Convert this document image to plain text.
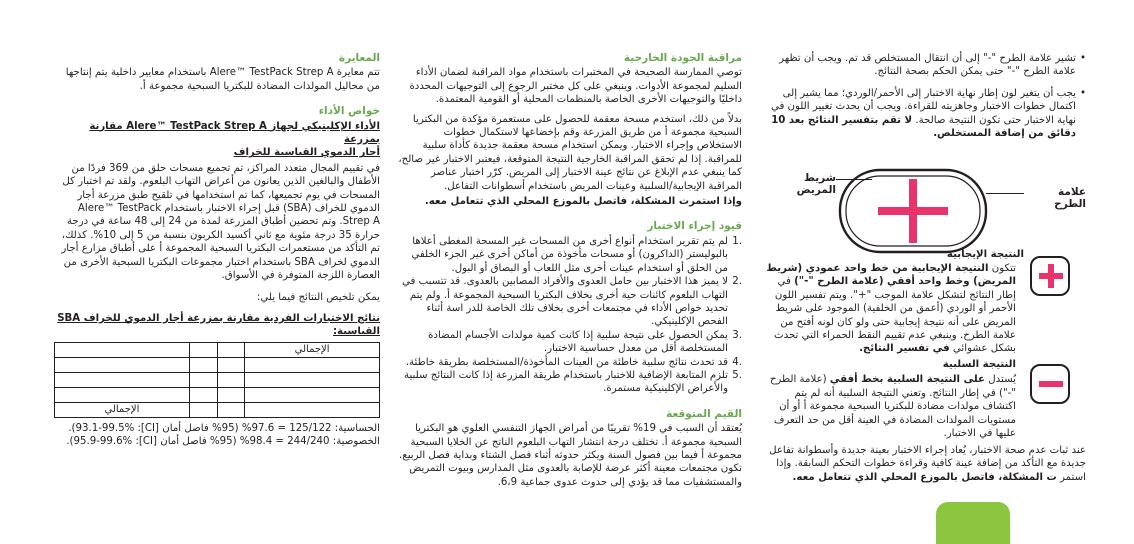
• تشير علامة الطرح "-" إلى أن انتقال المستخلص قد تم. ويجب أن تظهر علامة الطرح "-" حتى يمكن الحكم بصحة النتائج.
• يجب أن يتغير لون إطار نهاية الاختبار إلى الأحمر/الوردي؛ مما يشير إلى اكتمال خطوات الاختبار وجاهزيته للقراءة. ويجب أن يحدث تغيير اللون في نهاية الاختبار حتى تكون النتيجة صالحة. لا تقم بتفسير النتائج بعد 10 دقائق من إضافة المستخلص.
شريط المريض	علامة الطرح

النتيجة الإيجابية

تتكون النتيجة الإيجابية من خط واحد عمودي (شريط المريض) وخط واحد أفقي (علامة الطرح "-") في إطار النتائج لتشكل علامة الموجب "+". ويتم تفسير اللون الأحمر أو الوردي (أعمق من الخلفية) الموجود على شريط المريض على أنه نتيجة إيجابية حتى ولو كان لونه أفتح من علامة الطرح. وينبغي عدم تقييم النقط الحمراء التي تحدث بشكل عشوائي في تفسير النتائج.

النتيجة السلبية

يُستدل على النتيجة السلبية بخط أفقي (علامة الطرح "-") في إطار النتائج. وتعني النتيجة السلبية أنه لم يتم اكتشاف مولدات مضادة للبكتريا السبحية مجموعة أ أو أن مستويات المولدات المضادة في العينة أقل من حد التعرف عليها في الاختبار.

عند ثبات عدم صحة الاختبار، يُعاد إجراء الاختبار بعينة جديدة وأسطوانة تفاعل جديدة مع التأكد من إضافة عينة كافية وقراءة خطوات التحكم السابقة. وإذا استمر ت المشكلة، فاتصل بالموزع المحلي الذي تتعامل معه.

مراقبة الجودة الخارجية

توصي الممارسة الصحيحة في المختبرات باستخدام مواد المراقبة لضمان الأداء السليم لمجموعة الأدوات. وينبغي على كل مختبر الرجوع إلى التوجيهات المحددة داخليًا والتوجيهات الأخرى الخاصة بالمنظمات المحلية أو القومية المعتمدة.

بدلاً من ذلك، استخدم مسحة معقمة للحصول على مستعمرة مؤكدة من البكتريا السبحية مجموعة أ من طريق المزرعة وقم بإخضاعها لاستكمال خطوات الاستخلاص وإجراء الاختبار. ويمكن استخدام مسحة معقمة جديدة كأداة سلبية للمراقبة. إذا لم تحقق المراقبة الخارجية النتيجة المتوقعة، فيعتبر الاختبار غير صالح، كما ينبغي عدم الإبلاغ عن نتائج عينة الاختبار إلى المريض. كرّر اختبار عناصر المراقبة الإيجابية/السلبية وعينات المريض باستخدام أسطوانات التفاعل.

وإذا استمرت المشكلة، فاتصل بالموزع المحلي الذي تتعامل معه.

قيود إجراء الاختبار
.1
لم يتم تقرير استخدام أنواع أخرى من المسحات غير المسحة المغطى أعلاها بالبوليستر (الداكرون) أو مسحات مأخوذة من أماكن أخرى غير الجزء الخلفي من الحلق أو استخدام عينات أخرى مثل اللعاب أو البصاق أو البول.
.2
لا يميز هذا الاختبار بين حامل العدوى والأفراد المصابين بالعدوى. قد تتسبب في التهاب البلعوم كائنات حية أخرى بخلاف البكتريا السبحية المجموعة أ. ولم يتم تحديد خواص الأداء في مجتمعات أخرى بخلاف تلك الخاصة للدر اسة أثناء الفحص الإكلينيكي.
.3
يمكن الحصول على نتيجة سلبية إذا كانت كمية مولدات الأجسام المضادة المستخلصة أقل من معدل حساسية الاختبار.
.4
قد تحدث نتائج سلبية خاطئة من العينات المأخوذة/المستخلصة بطريقة خاطئة.
.5
تلزم المتابعة الإضافية للاختبار باستخدام طريقة المزرعة إذا كانت النتائج سلبية والأعراض الإكلينيكية مستمرة.
القيم المتوقعة

يُعتقد أن السبب في 19% تقريبًا من أمراض الجهاز التنفسي العلوي هو البكتريا السبحية مجموعة أ. تختلف درجة انتشار التهاب البلعوم الناتج عن الخلايا السبحية مجموعة أ فيما بين فصول السنة ويكثر حدوثه أثناء فصل الشتاء وبداية فصل الربيع. تكون مجتمعات معينة أكثر عرضة للإصابة بالعدوى مثل المدارس وبيوت التمريض والمستشفيات مما قد يؤدي إلى حدوث عدوى جماعية 6،9.

المعايرة

تتم معايرة Alere™ TestPack Strep A باستخدام معايير داخلية يتم إنتاجها من محاليل المولدات المضادة للبكتريا السبحية مجموعة أ.

خواص الأداء

الأداء الإكلينيكي لجهاز Alere™ TestPack Strep A مقارنة بمزرعة

أجار الدموي القياسية للخراف

في تقييم المجال متعدد المراكز، تم تجميع مسحات حلق من 369 فردًا من الأطفال والبالغين الذين يعانون من أعراض التهاب البلعوم. ولقد تم اختبار كل المسحات في يوم تجميعها، كما تم استخدامها في تلقيح طبق مزرعة أجار الدموي للخراف (SBA) قبل إجراء الاختبار باستخدام Alere™ TestPack Strep A. وتم تحضين أطباق المزرعة لمدة من 24 إلى 48 ساعة في درجة حرارة 35 درجة مئوية مع ثاني أكسيد الكربون بنسبة من 5 إلى 10%. كذلك، تم التأكد من مستعمرات البكتريا السبحية المجموعة أ على أطباق مزارع أجار الدموي لخراف SBA باستخدام اختبار مجموعات البكتريا السبحية الأخرى من العصارة اللزجة المتوفرة في الأسواق.

يمكن تلخيص النتائج فيما يلي:

نتائج الاختبارات الفردية مقارنة بمزرعة أجار الدموي للخراف SBA القياسية:

الإجمالي			

			الإجمالي

الحساسية: 125/122 = 97.6% (95% فاصل أمان [CI]: 93.1-99.5%).

الخصوصية: 244/240 = 98.4% (95% فاصل أمان [CI]: 95.9-99.6%).
